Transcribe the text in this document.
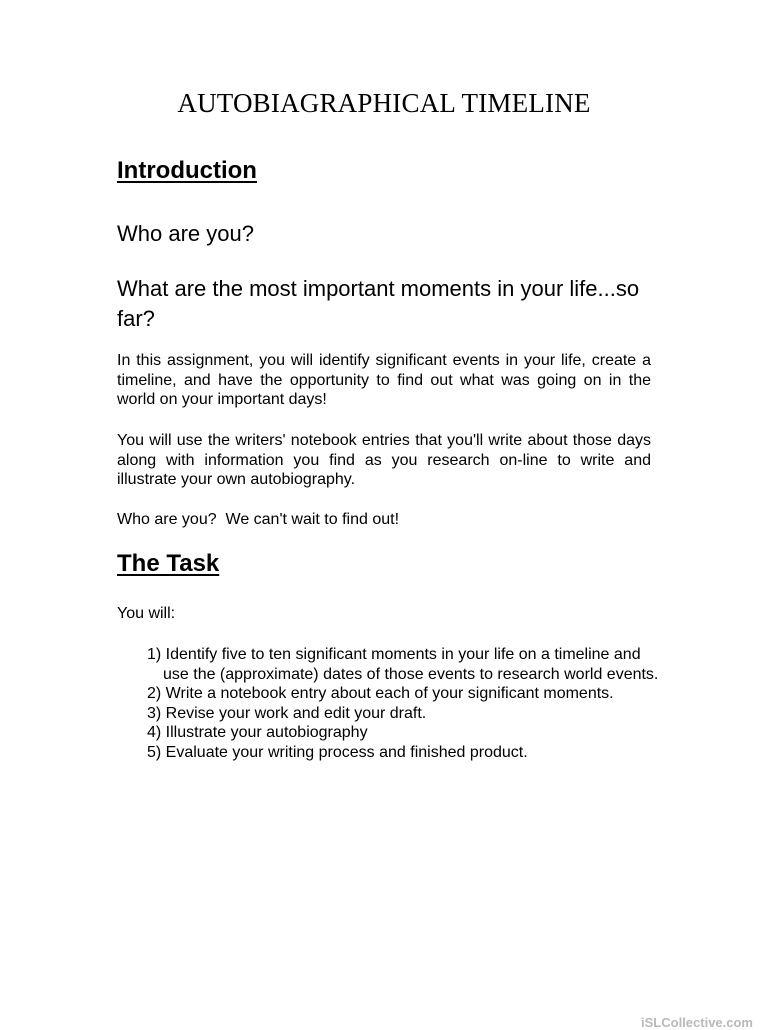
AUTOBIAGRAPHICAL TIMELINE
Introduction

Who are you?

What are the most important moments in your life...so far?

In this assignment, you will identify significant events in your life, create a timeline, and have the opportunity to find out what was going on in the world on your important days!

You will use the writers' notebook entries that you'll write about those days along with information you find as you research on-line to write and illustrate your own autobiography.

Who are you?  We can't wait to find out!

The Task

You will:

1) Identify five to ten significant moments in your life on a timeline and use the (approximate) dates of those events to research world events.
2) Write a notebook entry about each of your significant moments.
3) Revise your work and edit your draft.
4) Illustrate your autobiography
5) Evaluate your writing process and finished product.

iSLCollective.com
